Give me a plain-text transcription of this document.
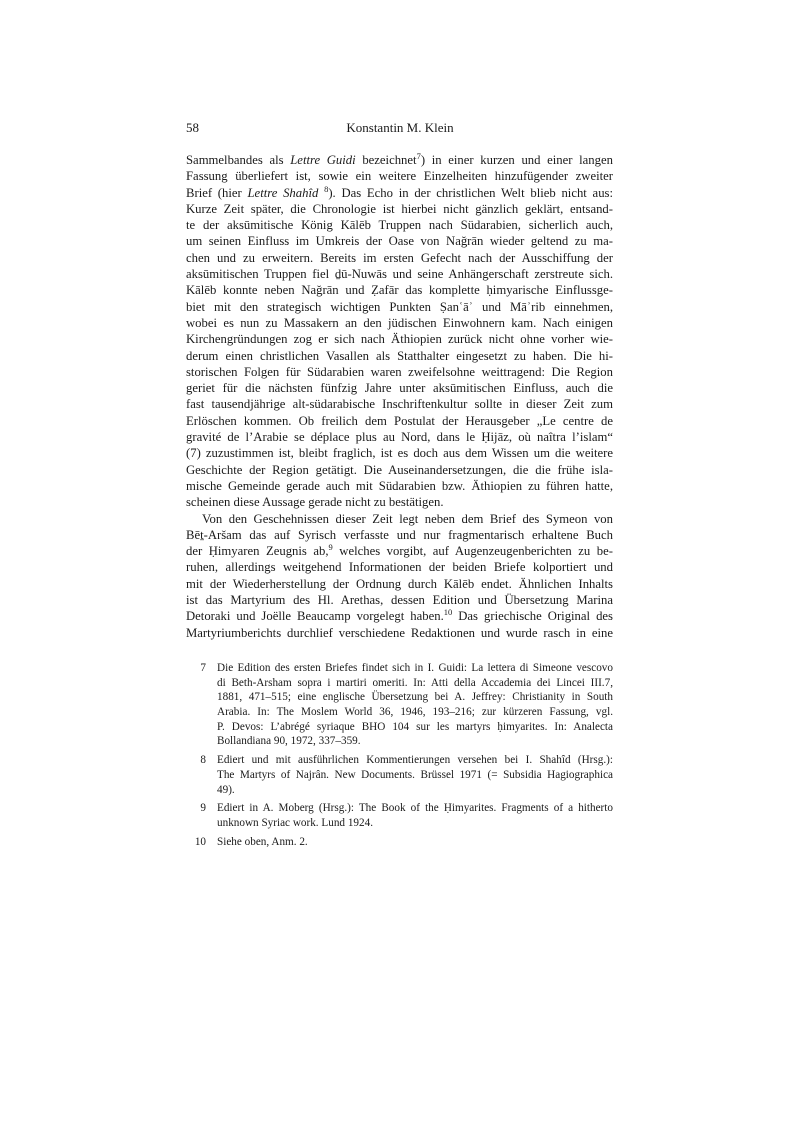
58	Konstantin M. Klein
Sammelbandes als Lettre Guidi bezeichnet$^7$) in einer kurzen und einer langen
Fassung überliefert ist, sowie ein weitere Einzelheiten hinzufügender zweiter
Brief (hier Lettre Shahîd $^8$). Das Echo in der christlichen Welt blieb nicht aus:
Kurze Zeit später, die Chronologie ist hierbei nicht gänzlich geklärt, entsand-
te der aksūmitische König Kālēb Truppen nach Südarabien, sicherlich auch,
um seinen Einfluss im Umkreis der Oase von Nağrān wieder geltend zu ma-
chen und zu erweitern. Bereits im ersten Gefecht nach der Ausschiffung der
aksūmitischen Truppen fiel ḏū-Nuwās und seine Anhängerschaft zerstreute sich.
Kālēb konnte neben Nağrān und Ẓafār das komplette ḥimyarische Einflussge-
biet mit den strategisch wichtigen Punkten Ṣanʿāʾ und Māʾrib einnehmen,
wobei es nun zu Massakern an den jüdischen Einwohnern kam. Nach einigen
Kirchengründungen zog er sich nach Äthiopien zurück nicht ohne vorher wie-
derum einen christlichen Vasallen als Statthalter eingesetzt zu haben. Die hi-
storischen Folgen für Südarabien waren zweifelsohne weittragend: Die Region
geriet für die nächsten fünfzig Jahre unter aksūmitischen Einfluss, auch die
fast tausendjährige alt-südarabische Inschriftenkultur sollte in dieser Zeit zum
Erlöschen kommen. Ob freilich dem Postulat der Herausgeber „Le centre de
gravité de l’Arabie se déplace plus au Nord, dans le Ḥijāz, où naîtra l’islam“
(7) zuzustimmen ist, bleibt fraglich, ist es doch aus dem Wissen um die weitere
Geschichte der Region getätigt. Die Auseinandersetzungen, die die frühe isla-
mische Gemeinde gerade auch mit Südarabien bzw. Äthiopien zu führen hatte,
scheinen diese Aussage gerade nicht zu bestätigen.
Von den Geschehnissen dieser Zeit legt neben dem Brief des Symeon von
Bēṯ-Aršam das auf Syrisch verfasste und nur fragmentarisch erhaltene Buch
der Ḥimyaren Zeugnis ab,$^9$ welches vorgibt, auf Augenzeugenberichten zu be-
ruhen, allerdings weitgehend Informationen der beiden Briefe kolportiert und
mit der Wiederherstellung der Ordnung durch Kālēb endet. Ähnlichen Inhalts
ist das Martyrium des Hl. Arethas, dessen Edition und Übersetzung Marina
Detoraki und Joëlle Beaucamp vorgelegt haben.$^{10}$ Das griechische Original des
Martyriumberichts durchlief verschiedene Redaktionen und wurde rasch in eine
7 Die Edition des ersten Briefes findet sich in I. Guidi: La lettera di Simeone vescovo
di Beth-Arsham sopra i martiri omeriti. In: Atti della Accademia dei Lincei III.7,
1881, 471–515; eine englische Übersetzung bei A. Jeffrey: Christianity in South
Arabia. In: The Moslem World 36, 1946, 193–216; zur kürzeren Fassung, vgl.
P. Devos: L’abrégé syriaque BHO 104 sur les martyrs ḥimyarites. In: Analecta
Bollandiana 90, 1972, 337–359.
8 Ediert und mit ausführlichen Kommentierungen versehen bei I. Shahîd (Hrsg.):
The Martyrs of Najrân. New Documents. Brüssel 1971 (= Subsidia Hagiographica
49).
9 Ediert in A. Moberg (Hrsg.): The Book of the Ḥimyarites. Fragments of a hitherto
unknown Syriac work. Lund 1924.
10 Siehe oben, Anm. 2.
